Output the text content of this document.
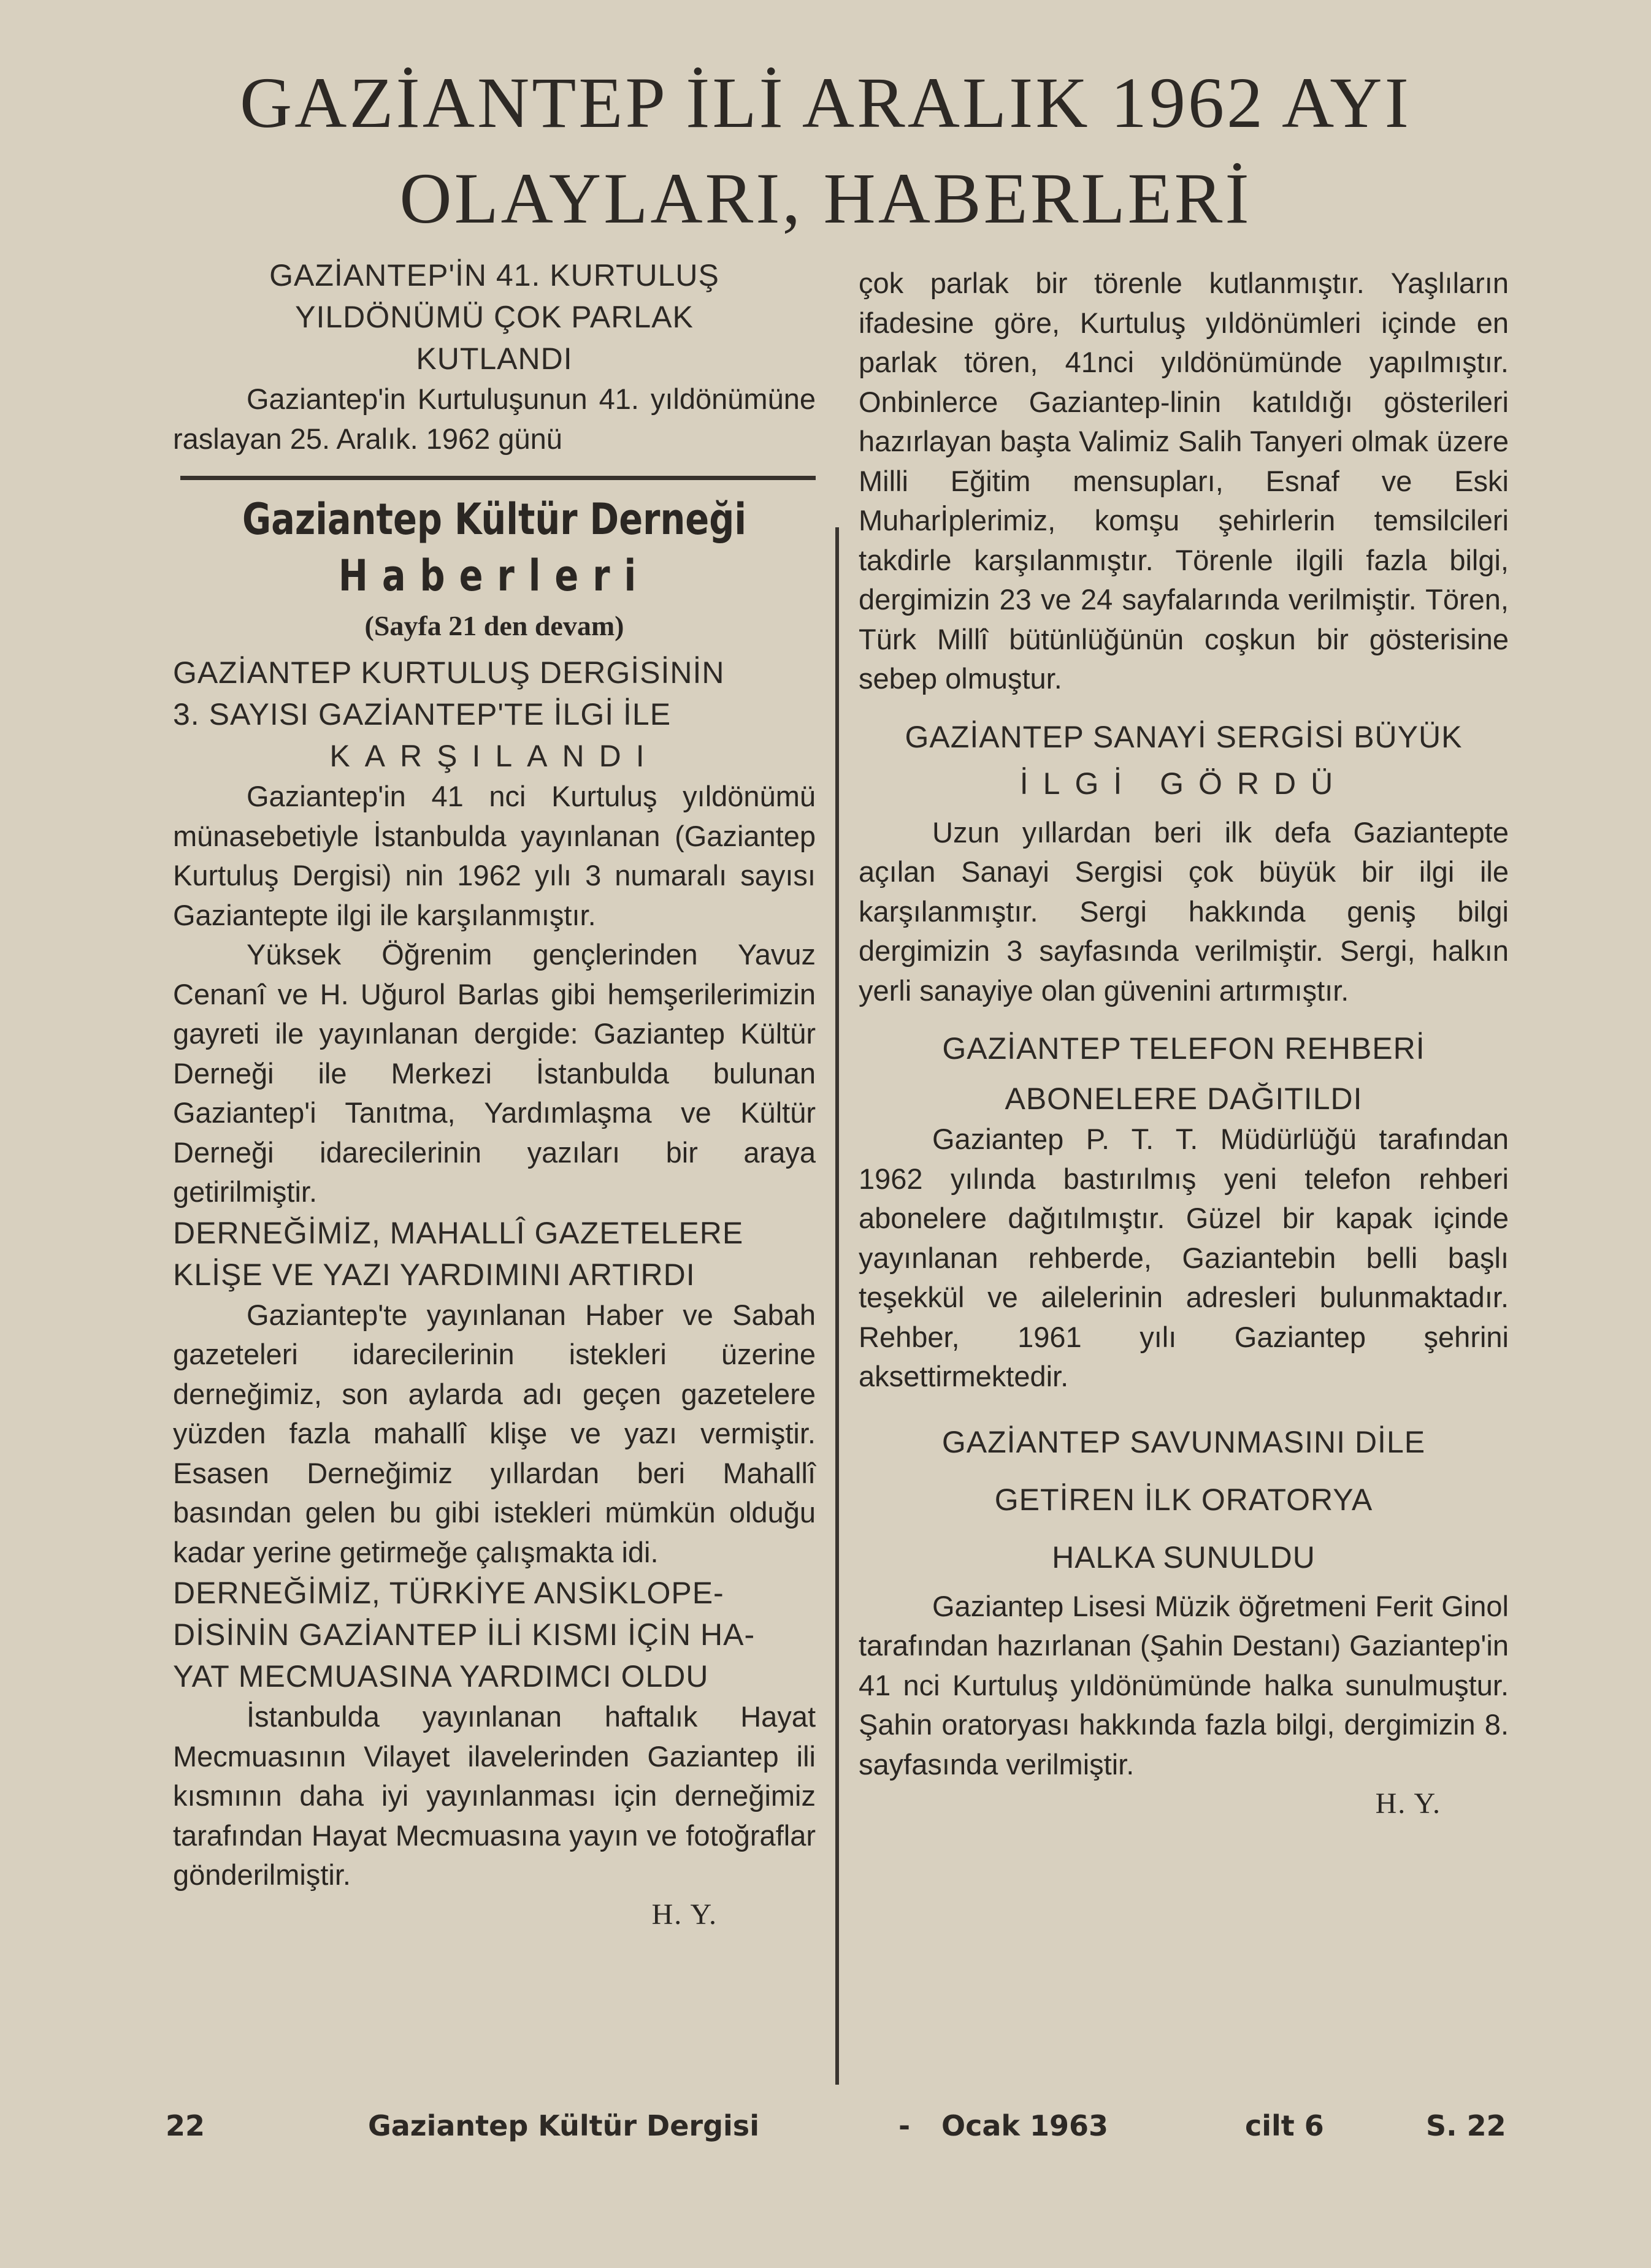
GAZİANTEP İLİ ARALIK 1962 AYI
OLAYLARI, HABERLERİ
GAZİANTEP'İN 41. KURTULUŞ
YILDÖNÜMÜ ÇOK PARLAK
KUTLANDI

Gaziantep'in Kurtuluşunun 41. yıldönümüne raslayan 25. Aralık. 1962 günü

Gaziantep Kültür Derneği
Haberleri
(Sayfa 21 den devam)
GAZİANTEP KURTULUŞ DERGİSİNİN
3. SAYISI GAZİANTEP'TE İLGİ İLE
KARŞILANDI

Gaziantep'in 41 nci Kurtuluş yıldönümü münasebetiyle İstanbulda yayınlanan (Gaziantep Kurtuluş Dergisi) nin 1962 yılı 3 numaralı sayısı Gaziantepte ilgi ile karşılanmıştır.

Yüksek Öğrenim gençlerinden Yavuz Cenanî ve H. Uğurol Barlas gibi hemşerilerimizin gayreti ile yayınlanan dergide: Gaziantep Kültür Derneği ile Merkezi İstanbulda bulunan Gaziantep'i Tanıtma, Yardımlaşma ve Kültür Derneği idarecilerinin yazıları bir araya getirilmiştir.

DERNEĞİMİZ, MAHALLÎ GAZETELERE
KLİŞE VE YAZI YARDIMINI ARTIRDI

Gaziantep'te yayınlanan Haber ve Sabah gazeteleri idarecilerinin istekleri üzerine derneğimiz, son aylarda adı geçen gazetelere yüzden fazla mahallî klişe ve yazı vermiştir. Esasen Derneğimiz yıllardan beri Mahallî basından gelen bu gibi istekleri mümkün olduğu kadar yerine getirmeğe çalışmakta idi.

DERNEĞİMİZ, TÜRKİYE ANSİKLOPE-
DİSİNİN GAZİANTEP İLİ KISMI İÇİN HA-
YAT MECMUASINA YARDIMCI OLDU

İstanbulda yayınlanan haftalık Hayat Mecmuasının Vilayet ilavelerinden Gaziantep ili kısmının daha iyi yayınlanması için derneğimiz tarafından Hayat Mecmuasına yayın ve fotoğraflar gönderilmiştir.

H. Y.

çok parlak bir törenle kutlanmıştır. Yaşlıların ifadesine göre, Kurtuluş yıldönümleri içinde en parlak tören, 41nci yıldönümünde yapılmıştır. Onbinlerce Gaziantep-linin katıldığı gösterileri hazırlayan başta Valimiz Salih Tanyeri olmak üzere Milli Eğitim mensupları, Esnaf ve Eski Muharİplerimiz, komşu şehirlerin temsilcileri takdirle karşılanmıştır. Törenle ilgili fazla bilgi, dergimizin 23 ve 24 sayfalarında verilmiştir. Tören, Türk Millî bütünlüğünün coşkun bir gösterisine sebep olmuştur.

GAZİANTEP SANAYİ SERGİSİ BÜYÜK
İLGİ GÖRDÜ

Uzun yıllardan beri ilk defa Gaziantepte açılan Sanayi Sergisi çok büyük bir ilgi ile karşılanmıştır. Sergi hakkında geniş bilgi dergimizin 3 sayfasında verilmiştir. Sergi, halkın yerli sanayiye olan güvenini artırmıştır.

GAZİANTEP TELEFON REHBERİ
ABONELERE DAĞITILDI

Gaziantep P. T. T. Müdürlüğü tarafından 1962 yılında bastırılmış yeni telefon rehberi abonelere dağıtılmıştır. Güzel bir kapak içinde yayınlanan rehberde, Gaziantebin belli başlı teşekkül ve ailelerinin adresleri bulunmaktadır. Rehber, 1961 yılı Gaziantep şehrini aksettirmektedir.

GAZİANTEP SAVUNMASINI DİLE
GETİREN İLK ORATORYA
HALKA SUNULDU

Gaziantep Lisesi Müzik öğretmeni Ferit Ginol tarafından hazırlanan (Şahin Destanı) Gaziantep'in 41 nci Kurtuluş yıldönümünde halka sunulmuştur. Şahin oratoryası hakkında fazla bilgi, dergimizin 8. sayfasında verilmiştir.

H. Y.
22	Gaziantep Kültür Dergisi	- Ocak 1963	cilt 6	S. 22
